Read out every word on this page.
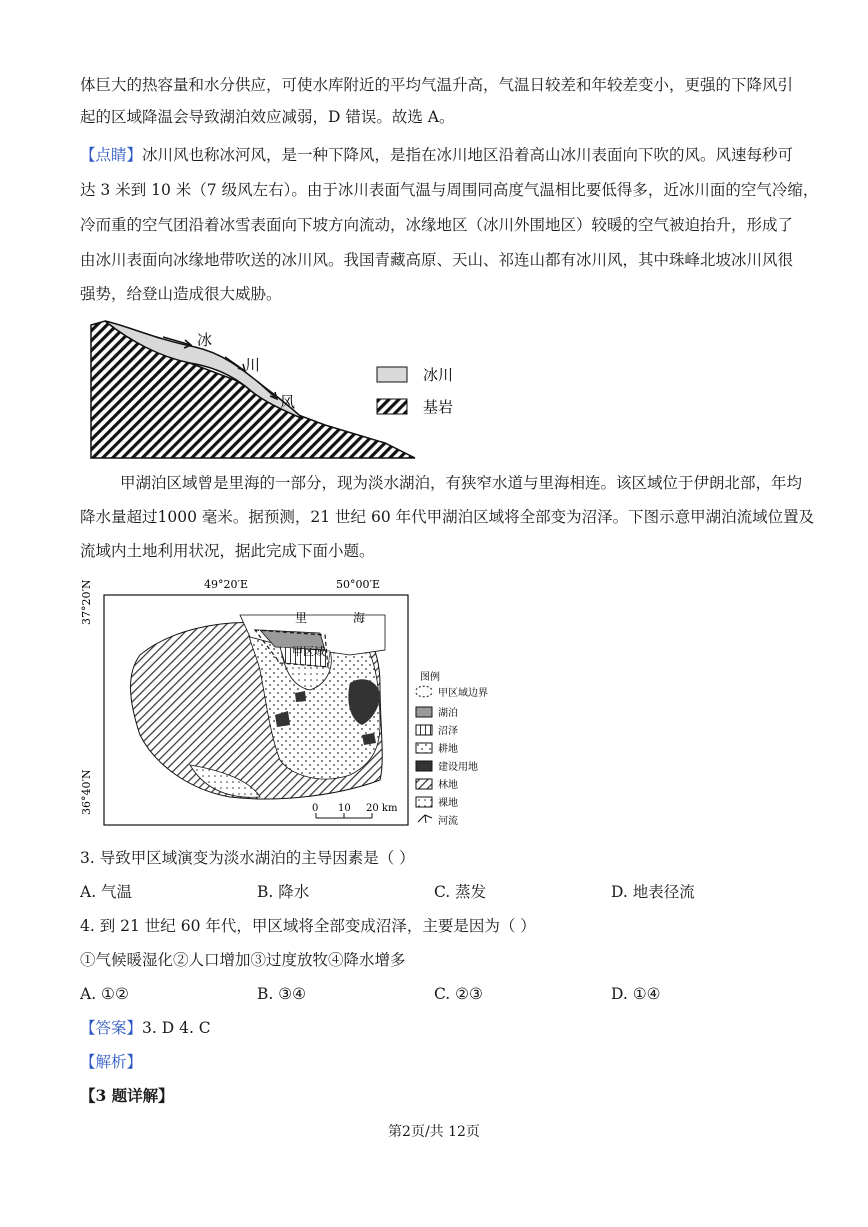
体巨大的热容量和水分供应，可使水库附近的平均气温升高，气温日较差和年较差变小，更强的下降风引
起的区域降温会导致湖泊效应减弱，D 错误。故选 A。
【点睛】冰川风也称冰河风，是一种下降风，是指在冰川地区沿着高山冰川表面向下吹的风。风速每秒可
达 3 米到 10 米（7 级风左右）。由于冰川表面气温与周围同高度气温相比要低得多，近冰川面的空气冷缩，
冷而重的空气团沿着冰雪表面向下坡方向流动，冰缘地区（冰川外围地区）较暖的空气被迫抬升，形成了
由冰川表面向冰缘地带吹送的冰川风。我国青藏高原、天山、祁连山都有冰川风，其中珠峰北坡冰川风很
强势，给登山造成很大威胁。
冰
川
风
冰川
基岩
甲湖泊区域曾是里海的一部分，现为淡水湖泊，有狭窄水道与里海相连。该区域位于伊朗北部，年均
降水量超过1000 毫米。据预测，21 世纪 60 年代甲湖泊区域将全部变为沼泽。下图示意甲湖泊流域位置及
流域内土地利用状况，据此完成下面小题。
49°20′E	50°00′E
37°20′N
36°40′N
里	海
甲区域
0 10 20 km
图例
甲区域边界
湖泊
沼泽
耕地
建设用地
林地
裸地
河流
3. 导致甲区域演变为淡水湖泊的主导因素是（ ）
A. 气温	B. 降水	C. 蒸发	D. 地表径流
4. 到 21 世纪 60 年代，甲区域将全部变成沼泽，主要是因为（ ）
①气候暖湿化②人口增加③过度放牧④降水增多
A. ①②	B. ③④	C. ②③	D. ①④
【答案】3. D 4. C
【解析】
【3 题详解】
第2页/共 12页
